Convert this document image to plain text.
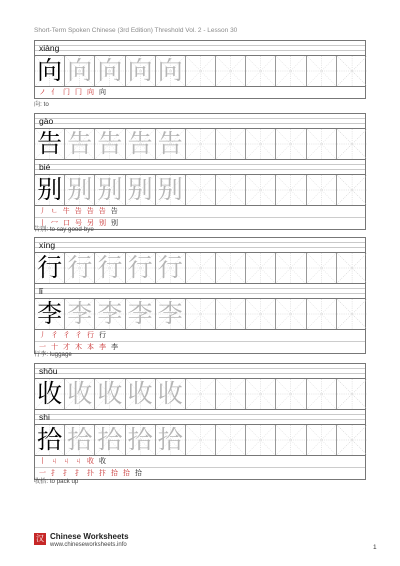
Short-Term Spoken Chinese (3rd Edition) Threshold Vol. 2 - Lesson 30
xiàng
向 向 向 向 向
ノ 亻 门 冂 向 向
向: to
gào
告 告 告 告 告
bié
别 别 别 别 别
丿 ㄴ 牛 告 告 告 告
丨 冖 口 号 另 别 别
告别: to say good-bye
xíng
行 行 行 行 行
lǐ
李 李 李 李 李
丿 彳 彳 彳 行 行
一 十 才 木 本 李 李
行李: luggage
shōu
收 收 收 收 收
shi
拾 拾 拾 拾 拾
丨 ㄐ ㄐ ㄐ 收 收
一 扌 扌 扌 扑 抃 拾 拾 拾
收拾: to pack up
汉 Chinese Worksheets
www.chineseworksheets.info	1
